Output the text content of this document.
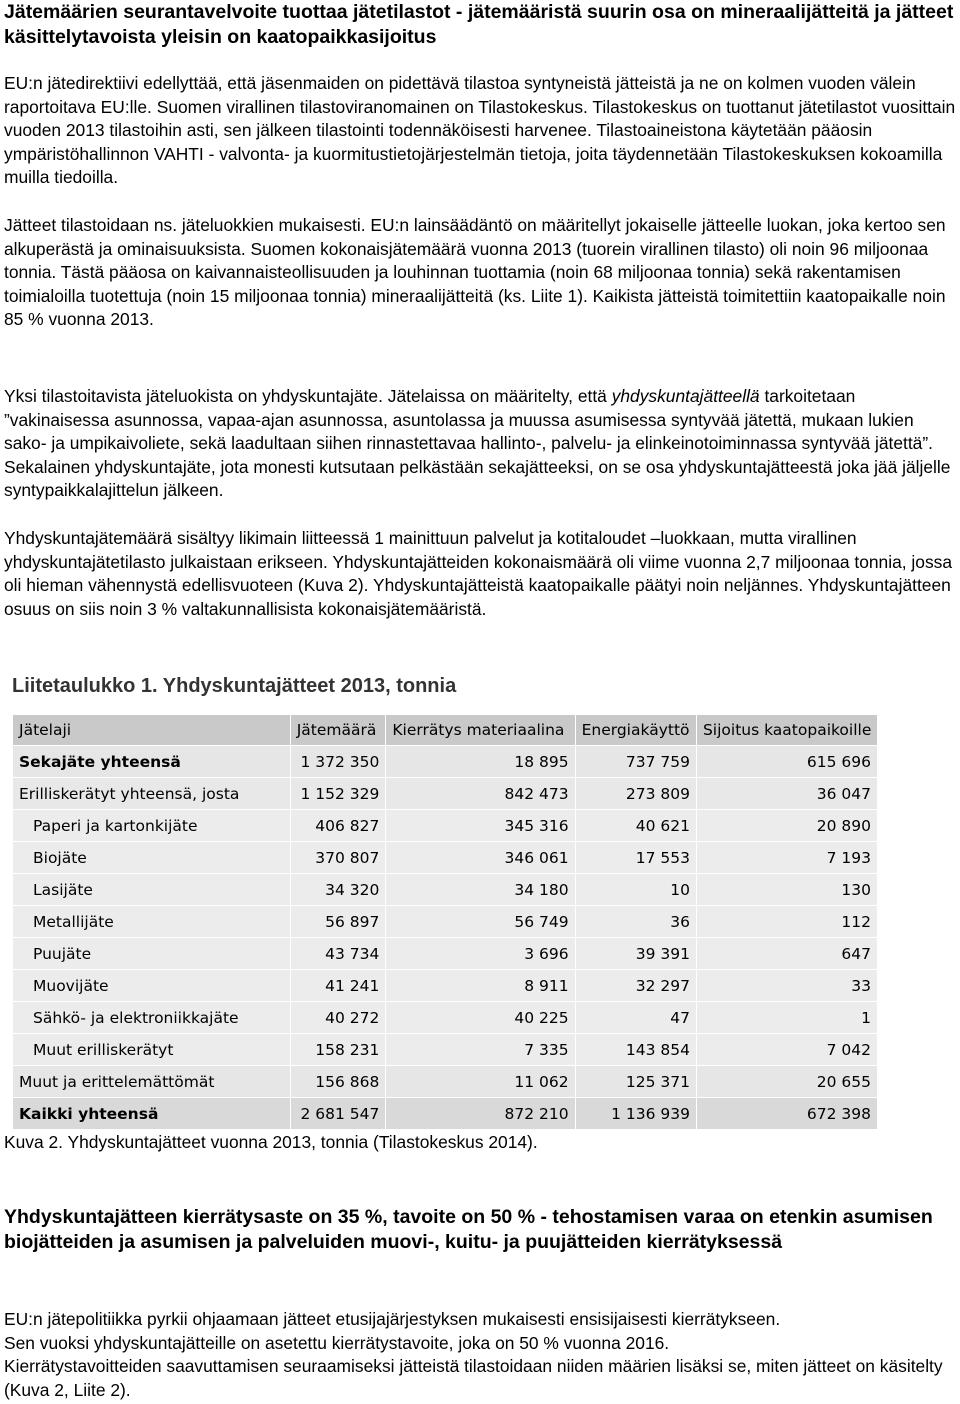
Jätemäärien seurantavelvoite tuottaa jätetilastot - jätemääristä suurin osa on mineraalijätteitä ja jätteet käsittelytavoista yleisin on kaatopaikkasijoitus

EU:n jätedirektiivi edellyttää, että jäsenmaiden on pidettävä tilastoa syntyneistä jätteistä ja ne on kolmen vuoden välein raportoitava EU:lle. Suomen virallinen tilastoviranomainen on Tilastokeskus. Tilastokeskus on tuottanut jätetilastot vuosittain vuoden 2013 tilastoihin asti, sen jälkeen tilastointi todennäköisesti harvenee. Tilastoaineistona käytetään pääosin ympäristöhallinnon VAHTI - valvonta- ja kuormitustietojärjestelmän tietoja, joita täydennetään Tilastokeskuksen kokoamilla muilla tiedoilla.

Jätteet tilastoidaan ns. jäteluokkien mukaisesti. EU:n lainsäädäntö on määritellyt jokaiselle jätteelle luokan, joka kertoo sen alkuperästä ja ominaisuuksista. Suomen kokonaisjätemäärä vuonna 2013 (tuorein virallinen tilasto) oli noin 96 miljoonaa tonnia. Tästä pääosa on kaivannaisteollisuuden ja louhinnan tuottamia (noin 68 miljoonaa tonnia) sekä rakentamisen toimialoilla tuotettuja (noin 15 miljoonaa tonnia) mineraalijätteitä (ks. Liite 1). Kaikista jätteistä toimitettiin kaatopaikalle noin 85 % vuonna 2013.

Yksi tilastoitavista jäteluokista on yhdyskuntajäte. Jätelaissa on määritelty, että yhdyskuntajätteellä tarkoitetaan ”vakinaisessa asunnossa, vapaa-ajan asunnossa, asuntolassa ja muussa asumisessa syntyvää jätettä, mukaan lukien sako- ja umpikaivoliete, sekä laadultaan siihen rinnastettavaa hallinto-, palvelu- ja elinkeinotoiminnassa syntyvää jätettä”. Sekalainen yhdyskuntajäte, jota monesti kutsutaan pelkästään sekajätteeksi, on se osa yhdyskuntajätteestä joka jää jäljelle syntypaikkalajittelun jälkeen.

Yhdyskuntajätemäärä sisältyy likimain liitteessä 1 mainittuun palvelut ja kotitaloudet –luokkaan, mutta virallinen yhdyskuntajätetilasto julkaistaan erikseen. Yhdyskuntajätteiden kokonaismäärä oli viime vuonna 2,7 miljoonaa tonnia, jossa oli hieman vähennystä edellisvuoteen (Kuva 2). Yhdyskuntajätteistä kaatopaikalle päätyi noin neljännes. Yhdyskuntajätteen osuus on siis noin 3 % valtakunnallisista kokonaisjätemääristä.

Liitetaulukko 1. Yhdyskuntajätteet 2013, tonnia
Jätelaji	Jätemäärä	Kierrätys materiaalina	Energiakäyttö	Sijoitus kaatopaikoille
Sekajäte yhteensä	1 372 350	18 895	737 759	615 696
Erilliskerätyt yhteensä, josta	1 152 329	842 473	273 809	36 047
Paperi ja kartonkijäte	406 827	345 316	40 621	20 890
Biojäte	370 807	346 061	17 553	7 193
Lasijäte	34 320	34 180	10	130
Metallijäte	56 897	56 749	36	112
Puujäte	43 734	3 696	39 391	647
Muovijäte	41 241	8 911	32 297	33
Sähkö- ja elektroniikkajäte	40 272	40 225	47	1
Muut erilliskerätyt	158 231	7 335	143 854	7 042
Muut ja erittelemättömät	156 868	11 062	125 371	20 655
Kaikki yhteensä	2 681 547	872 210	1 136 939	672 398

Kuva 2. Yhdyskuntajätteet vuonna 2013, tonnia (Tilastokeskus 2014).

Yhdyskuntajätteen kierrätysaste on 35 %, tavoite on 50 % - tehostamisen varaa on etenkin asumisen biojätteiden ja asumisen ja palveluiden muovi-, kuitu- ja puujätteiden kierrätyksessä

EU:n jätepolitiikka pyrkii ohjaamaan jätteet etusijajärjestyksen mukaisesti ensisijaisesti kierrätykseen.
Sen vuoksi yhdyskuntajätteille on asetettu kierrätystavoite, joka on 50 % vuonna 2016.
Kierrätystavoitteiden saavuttamisen seuraamiseksi jätteistä tilastoidaan niiden määrien lisäksi se, miten jätteet on käsitelty (Kuva 2, Liite 2).
